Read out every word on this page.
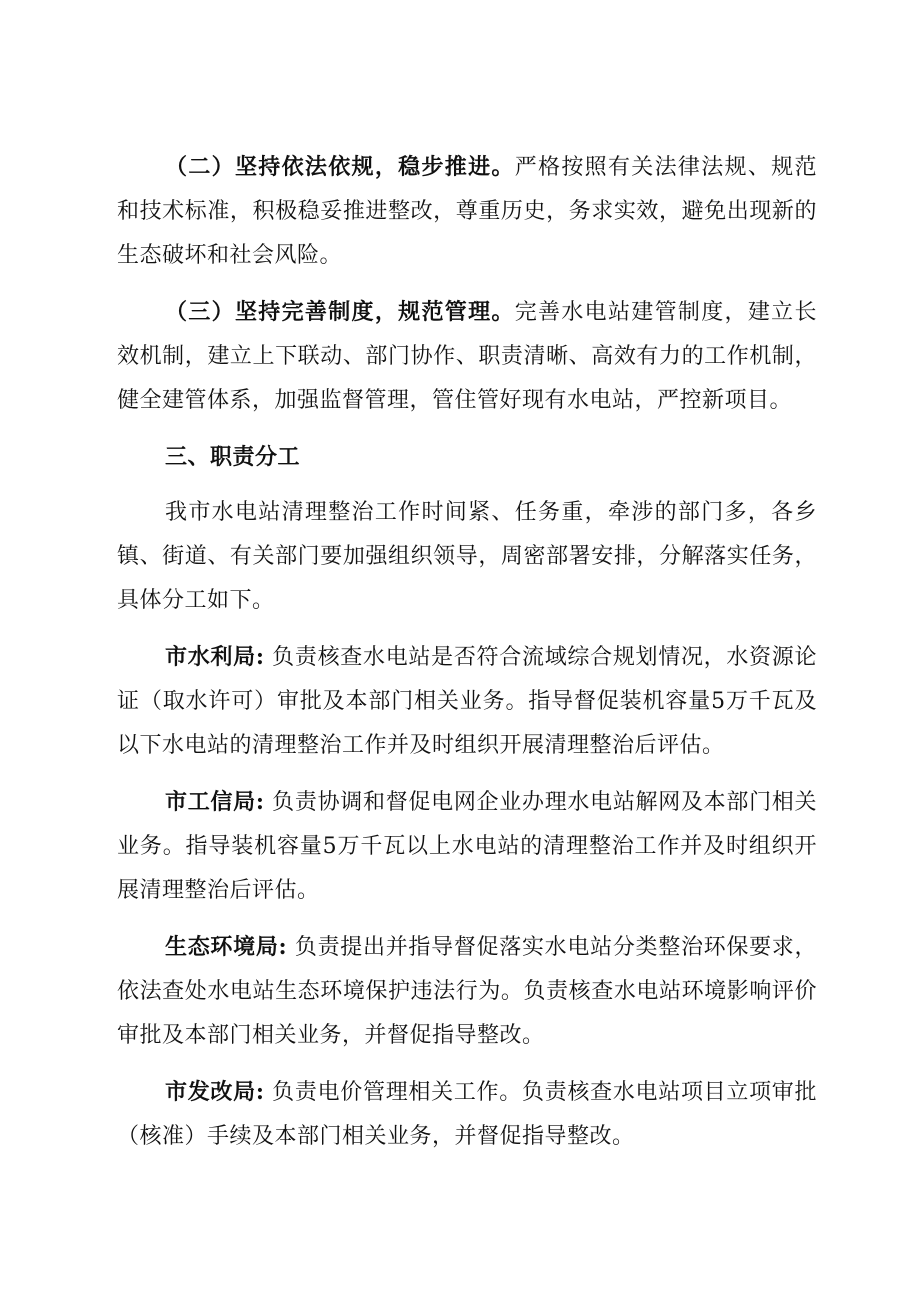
（二）坚持依法依规，稳步推进。严格按照有关法律法规、规范和技术标准，积极稳妥推进整改，尊重历史，务求实效，避免出现新的生态破坏和社会风险。

（三）坚持完善制度，规范管理。完善水电站建管制度，建立长效机制，建立上下联动、部门协作、职责清晰、高效有力的工作机制，健全建管体系，加强监督管理，管住管好现有水电站，严控新项目。

三、职责分工

我市水电站清理整治工作时间紧、任务重，牵涉的部门多，各乡镇、街道、有关部门要加强组织领导，周密部署安排，分解落实任务，具体分工如下。

市水利局: 负责核查水电站是否符合流域综合规划情况，水资源论证（取水许可）审批及本部门相关业务。指导督促装机容量5万千瓦及以下水电站的清理整治工作并及时组织开展清理整治后评估。

市工信局: 负责协调和督促电网企业办理水电站解网及本部门相关业务。指导装机容量5万千瓦以上水电站的清理整治工作并及时组织开展清理整治后评估。

生态环境局: 负责提出并指导督促落实水电站分类整治环保要求，依法查处水电站生态环境保护违法行为。负责核查水电站环境影响评价审批及本部门相关业务，并督促指导整改。

市发改局: 负责电价管理相关工作。负责核查水电站项目立项审批（核准）手续及本部门相关业务，并督促指导整改。
